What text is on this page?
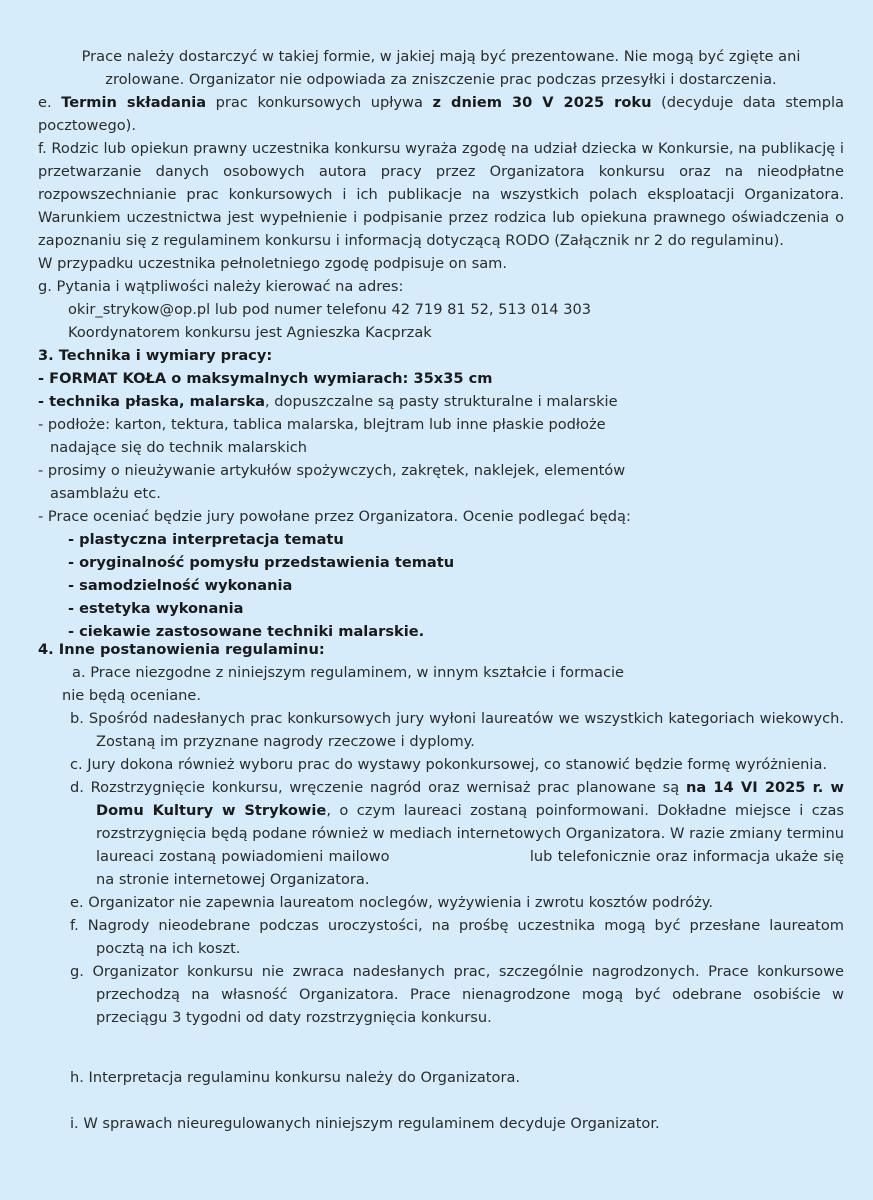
Prace należy dostarczyć w takiej formie, w jakiej mają być prezentowane. Nie mogą być zgięte ani

zrolowane. Organizator nie odpowiada za zniszczenie prac podczas przesyłki i dostarczenia.

e. Termin składania prac konkursowych upływa z dniem 30 V 2025 roku (decyduje data stempla pocztowego).

f. Rodzic lub opiekun prawny uczestnika konkursu wyraża zgodę na udział dziecka w Konkursie, na publikację i przetwarzanie danych osobowych autora pracy przez Organizatora konkursu oraz na nieodpłatne rozpowszechnianie prac konkursowych i ich publikacje na wszystkich polach eksploatacji Organizatora. Warunkiem uczestnictwa jest wypełnienie i podpisanie przez rodzica lub opiekuna prawnego oświadczenia o zapoznaniu się z regulaminem konkursu i informacją dotyczącą RODO (Załącznik nr 2 do regulaminu).

W przypadku uczestnika pełnoletniego zgodę podpisuje on sam.

g. Pytania i wątpliwości należy kierować na adres:

okir_strykow@op.pl lub pod numer telefonu 42 719 81 52, 513 014 303

Koordynatorem konkursu jest Agnieszka Kacprzak

3. Technika i wymiary pracy:

- FORMAT KOŁA o maksymalnych wymiarach: 35x35 cm

- technika płaska, malarska, dopuszczalne są pasty strukturalne i malarskie

- podłoże: karton, tektura, tablica malarska, blejtram lub inne płaskie podłoże

nadające się do technik malarskich

- prosimy o nieużywanie artykułów spożywczych, zakrętek, naklejek, elementów

asamblażu etc.

- Prace oceniać będzie jury powołane przez Organizatora. Ocenie podlegać będą:

- plastyczna interpretacja tematu

- oryginalność pomysłu przedstawienia tematu

- samodzielność wykonania

- estetyka wykonania

- ciekawie zastosowane techniki malarskie.

4. Inne postanowienia regulaminu:

a. Prace niezgodne z niniejszym regulaminem, w innym kształcie i formacie

nie będą oceniane.

b. Spośród nadesłanych prac konkursowych jury wyłoni laureatów we wszystkich kategoriach wiekowych. Zostaną im przyznane nagrody rzeczowe i dyplomy.

c. Jury dokona również wyboru prac do wystawy pokonkursowej, co stanowić będzie formę wyróżnienia.

d. Rozstrzygnięcie konkursu, wręczenie nagród oraz wernisaż prac planowane są na 14 VI 2025 r. w Domu Kultury w Strykowie, o czym laureaci zostaną poinformowani. Dokładne miejsce i czas rozstrzygnięcia będą podane również w mediach internetowych Organizatora. W razie zmiany terminu laureaci zostaną powiadomieni mailowo                           lub telefonicznie oraz informacja ukaże się na stronie internetowej Organizatora.

e. Organizator nie zapewnia laureatom noclegów, wyżywienia i zwrotu kosztów podróży.

f. Nagrody nieodebrane podczas uroczystości, na prośbę uczestnika mogą być przesłane laureatom pocztą na ich koszt.

g. Organizator konkursu nie zwraca nadesłanych prac, szczególnie nagrodzonych. Prace konkursowe przechodzą na własność Organizatora. Prace nienagrodzone mogą być odebrane osobiście w przeciągu 3 tygodni od daty rozstrzygnięcia konkursu.

h. Interpretacja regulaminu konkursu należy do Organizatora.

i. W sprawach nieuregulowanych niniejszym regulaminem decyduje Organizator.
